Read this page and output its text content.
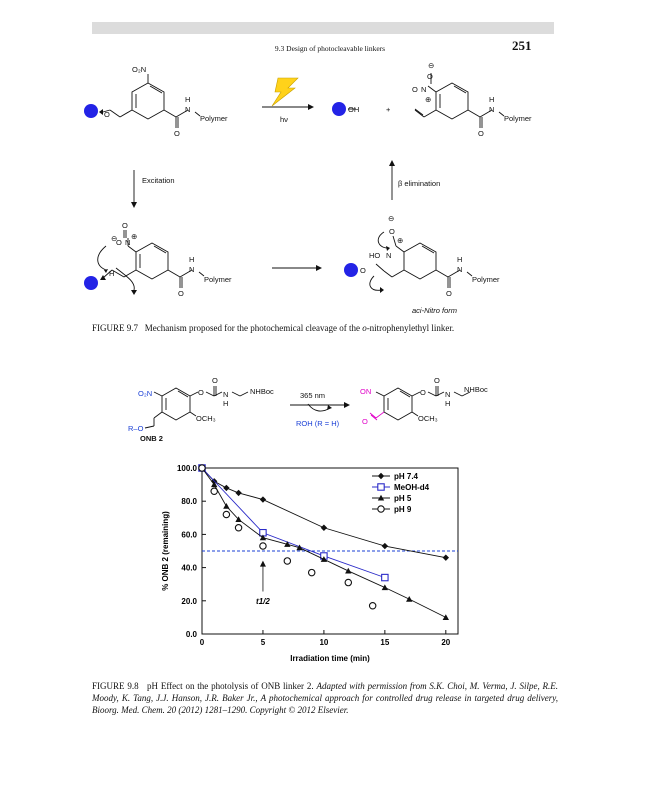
9.3 Design of photocleavable linkers	251
O₂N
H
N
Polymer
O
O
hν
OH	+
O
⊖
O N
⊕	H
N
Polymer
O
Excitation	β elimination
O
⊖
O N
⊕
H
H
N
Polymer
O
⊖
O
⊕
HO N
O
H
N
Polymer
O
aci-Nitro form
O₂N
R–O
O
O
N
H
NHBoc
OCH₃
ONB 2
365 nm
ROH (R = H)
ON	O
O
N
H
NHBoc
OCH₃
O
FIGURE 9.7 Mechanism proposed for the photochemical cleavage of the o-nitrophenylethyl linker.
0	5	10	15	20
0.0
20.0
40.0
60.0
80.0
100.0
Irradiation time (min)
% ONB 2 (remaining)
t1/2
pH 7.4
MeOH-d4
pH 5
pH 9
FIGURE 9.8 pH Effect on the photolysis of ONB linker 2. Adapted with permission from S.K. Choi, M. Verma, J. Silpe, R.E. Moody, K. Tang, J.J. Hanson, J.R. Baker Jr., A photochemical approach for controlled drug release in targeted drug delivery, Bioorg. Med. Chem. 20 (2012) 1281–1290. Copyright © 2012 Elsevier.
